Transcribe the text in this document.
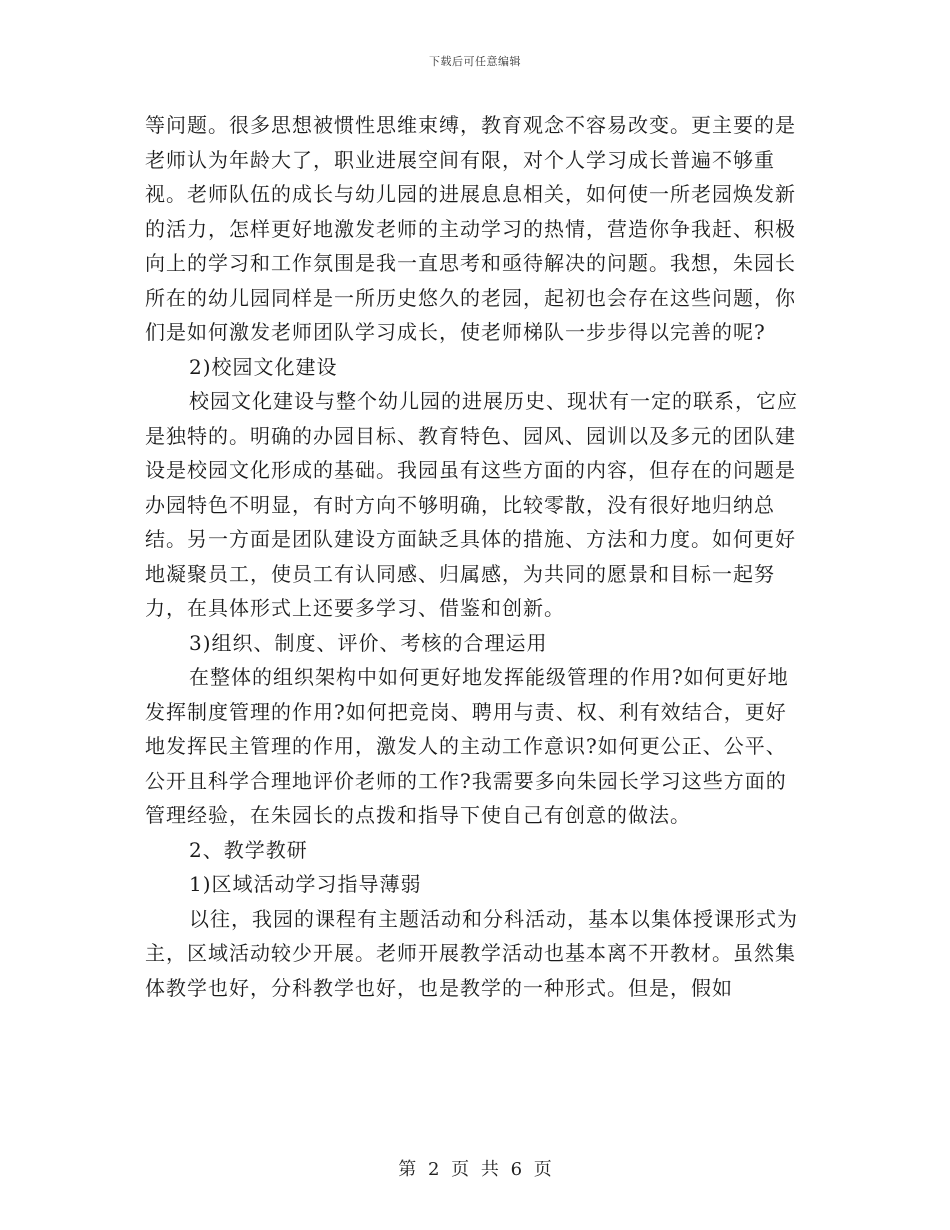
下载后可任意编辑

等问题。很多思想被惯性思维束缚，教育观念不容易改变。更主要的是老师认为年龄大了，职业进展空间有限，对个人学习成长普遍不够重视。老师队伍的成长与幼儿园的进展息息相关，如何使一所老园焕发新的活力，怎样更好地激发老师的主动学习的热情，营造你争我赶、积极向上的学习和工作氛围是我一直思考和亟待解决的问题。我想，朱园长所在的幼儿园同样是一所历史悠久的老园，起初也会存在这些问题，你们是如何激发老师团队学习成长，使老师梯队一步步得以完善的呢?

2)校园文化建设

校园文化建设与整个幼儿园的进展历史、现状有一定的联系，它应是独特的。明确的办园目标、教育特色、园风、园训以及多元的团队建设是校园文化形成的基础。我园虽有这些方面的内容，但存在的问题是办园特色不明显，有时方向不够明确，比较零散，没有很好地归纳总结。另一方面是团队建设方面缺乏具体的措施、方法和力度。如何更好地凝聚员工，使员工有认同感、归属感，为共同的愿景和目标一起努力，在具体形式上还要多学习、借鉴和创新。

3)组织、制度、评价、考核的合理运用

在整体的组织架构中如何更好地发挥能级管理的作用?如何更好地发挥制度管理的作用?如何把竞岗、聘用与责、权、利有效结合，更好地发挥民主管理的作用，激发人的主动工作意识?如何更公正、公平、公开且科学合理地评价老师的工作?我需要多向朱园长学习这些方面的管理经验，在朱园长的点拨和指导下使自己有创意的做法。

2、教学教研

1)区域活动学习指导薄弱

以往，我园的课程有主题活动和分科活动，基本以集体授课形式为主，区域活动较少开展。老师开展教学活动也基本离不开教材。虽然集体教学也好，分科教学也好，也是教学的一种形式。但是，假如

第 2 页 共 6 页
